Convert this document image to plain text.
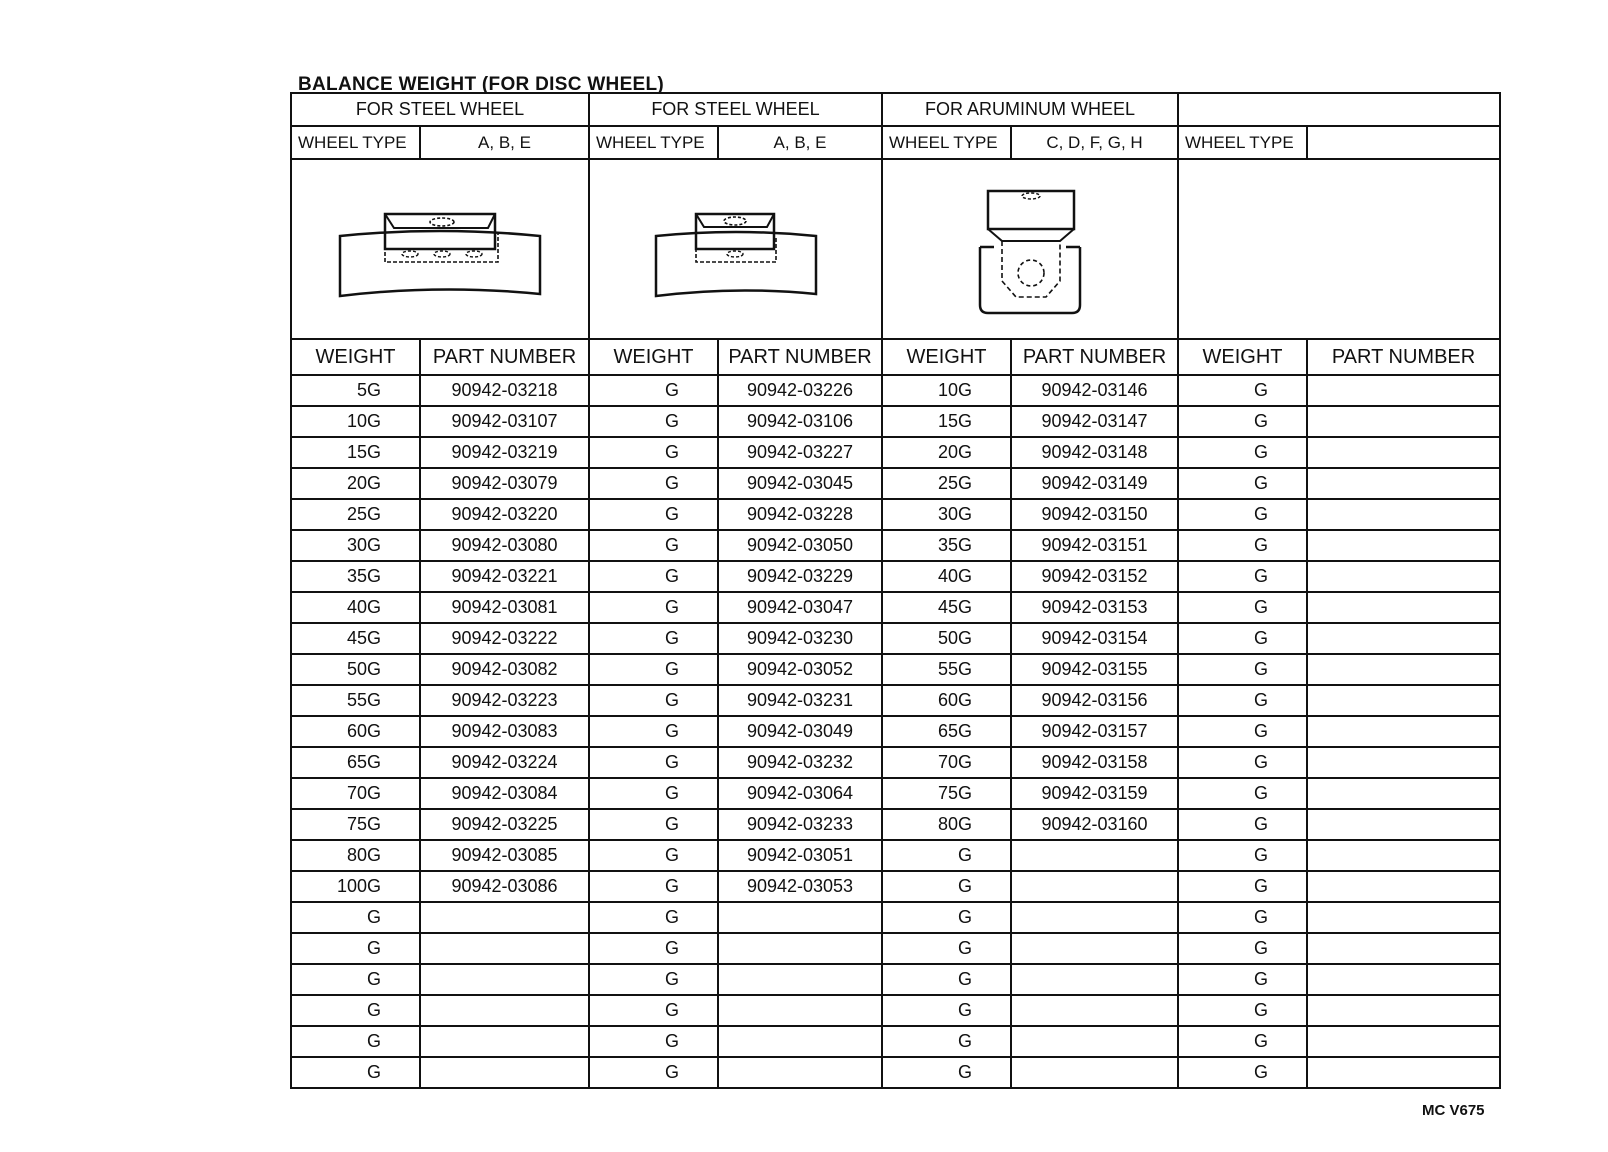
BALANCE WEIGHT (FOR DISC WHEEL)
FOR STEEL WHEEL		FOR STEEL WHEEL		FOR ARUMINUM WHEEL			
WHEEL TYPE	A, B, E	WHEEL TYPE	A, B, E	WHEEL TYPE	C, D, F, G, H	WHEEL TYPE	

WEIGHT	PART NUMBER	WEIGHT	PART NUMBER	WEIGHT	PART NUMBER	WEIGHT	PART NUMBER
5G	90942-03218	G	90942-03226	10G	90942-03146	G	
10G	90942-03107	G	90942-03106	15G	90942-03147	G	
15G	90942-03219	G	90942-03227	20G	90942-03148	G	
20G	90942-03079	G	90942-03045	25G	90942-03149	G	
25G	90942-03220	G	90942-03228	30G	90942-03150	G	
30G	90942-03080	G	90942-03050	35G	90942-03151	G	
35G	90942-03221	G	90942-03229	40G	90942-03152	G	
40G	90942-03081	G	90942-03047	45G	90942-03153	G	
45G	90942-03222	G	90942-03230	50G	90942-03154	G	
50G	90942-03082	G	90942-03052	55G	90942-03155	G	
55G	90942-03223	G	90942-03231	60G	90942-03156	G	
60G	90942-03083	G	90942-03049	65G	90942-03157	G	
65G	90942-03224	G	90942-03232	70G	90942-03158	G	
70G	90942-03084	G	90942-03064	75G	90942-03159	G	
75G	90942-03225	G	90942-03233	80G	90942-03160	G	
80G	90942-03085	G	90942-03051	G		G	
100G	90942-03086	G	90942-03053	G		G	
G		G		G		G	
G		G		G		G	
G		G		G		G	
G		G		G		G	
G		G		G		G	
G		G		G		G	
MC V675
